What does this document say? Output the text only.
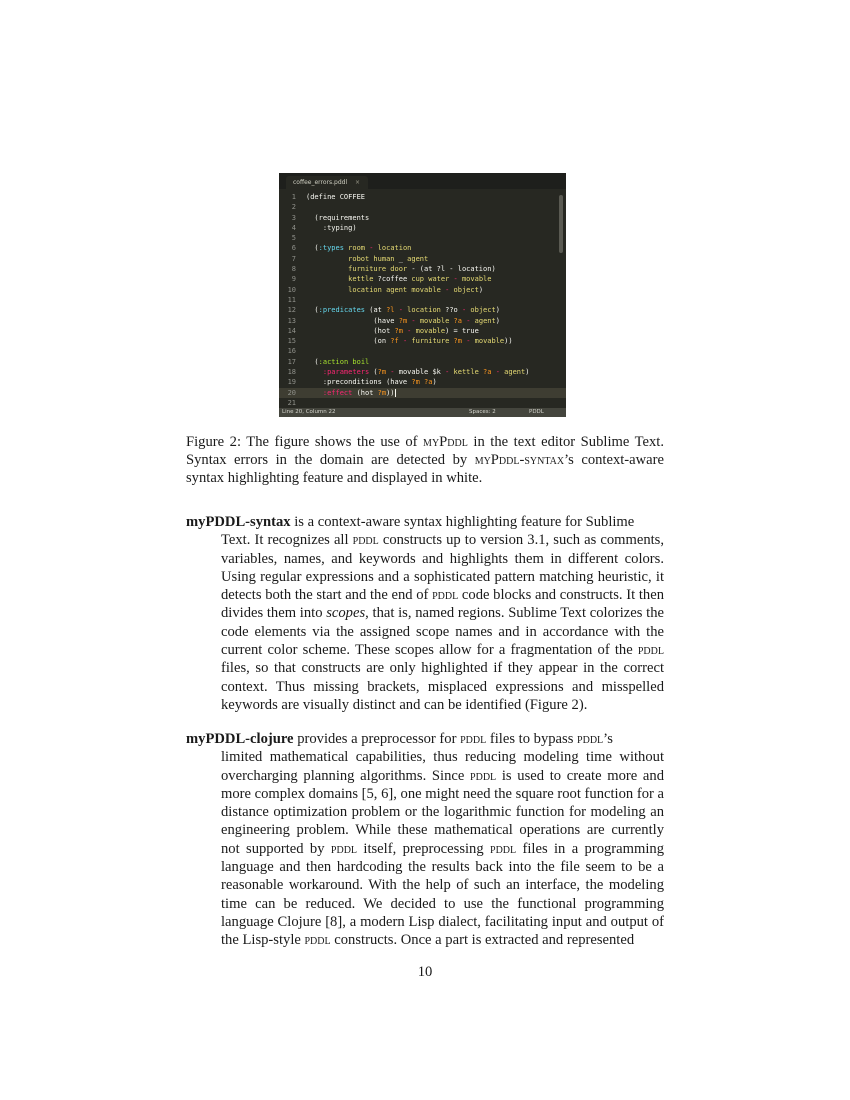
coffee_errors.pddl ×
1 (define COFFEE
2
3  (requirements
4    :typing)
5
6  (:types room - location
7          robot human _ agent
8          furniture door - (at ?l - location)
9          kettle ?coffee cup water - movable
10          location agent movable - object)
11
12  (:predicates (at ?l - location ??o - object)
13                (have ?m - movable ?a - agent)
14                (hot ?m - movable) = true
15                (on ?f - furniture ?m - movable))
16
17  (:action boil
18    :parameters (?m - movable $k - kettle ?a - agent)
19    :preconditions (have ?m ?a)
20    :effect (hot ?m))
21
Line 20, Column 22	Spaces: 2	PDDL
Figure 2: The figure shows the use of myPddl in the text editor Sublime Text. Syntax errors in the domain are detected by myPddl-syntax’s context-aware syntax highlighting feature and displayed in white.
myPDDL-syntax is a context-aware syntax highlighting feature for Sublime
Text. It recognizes all pddl constructs up to version 3.1, such as comments, variables, names, and keywords and highlights them in different colors. Using regular expressions and a sophisticated pattern matching heuristic, it detects both the start and the end of pddl code blocks and constructs. It then divides them into scopes, that is, named regions. Sublime Text colorizes the code elements via the assigned scope names and in accordance with the current color scheme. These scopes allow for a fragmentation of the pddl files, so that constructs are only highlighted if they appear in the correct context. Thus missing brackets, misplaced expressions and misspelled keywords are visually distinct and can be identified (Figure 2).
myPDDL-clojure provides a preprocessor for pddl files to bypass pddl’s
limited mathematical capabilities, thus reducing modeling time without overcharging planning algorithms. Since pddl is used to create more and more complex domains [5, 6], one might need the square root function for a distance optimization problem or the logarithmic function for modeling an engineering problem. While these mathematical operations are currently not supported by pddl itself, preprocessing pddl files in a programming language and then hardcoding the results back into the file seem to be a reasonable workaround. With the help of such an interface, the modeling time can be reduced. We decided to use the functional programming language Clojure [8], a modern Lisp dialect, facilitating input and output of the Lisp-style pddl constructs. Once a part is extracted and represented
10
